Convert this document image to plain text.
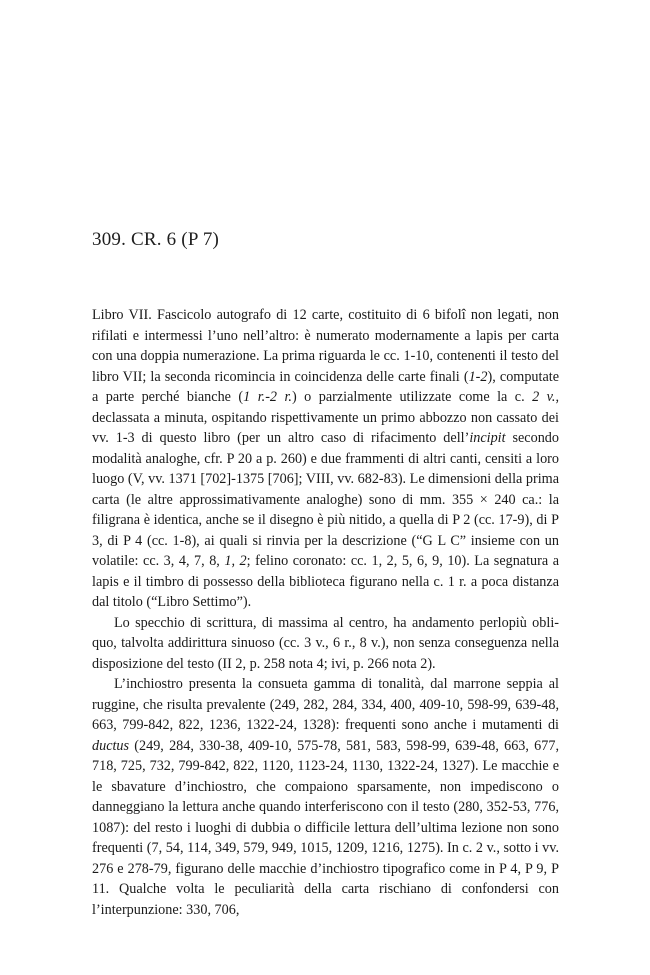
309. CR. 6 (P 7)

Libro VII. Fascicolo autografo di 12 carte, costituito di 6 bifolî non legati, non rifilati e intermessi l’uno nell’altro: è numerato modernamente a lapis per carta con una doppia numerazione. La prima riguarda le cc. 1-10, contenenti il testo del libro VII; la seconda ricomincia in coincidenza delle carte finali (1-2), computate a parte perché bianche (1 r.-2 r.) o parzialmente utilizzate come la c. 2 v., declassata a minuta, ospitando rispettivamente un primo abbozzo non cassato dei vv. 1-3 di questo libro (per un altro caso di rifacimento dell’incipit secondo modalità analoghe, cfr. P 20 a p. 260) e due frammenti di altri canti, censiti a loro luogo (V, vv. 1371 [702]-1375 [706]; VIII, vv. 682-83). Le dimensioni della prima carta (le altre approssimativamente analoghe) sono di mm. 355 × 240 ca.: la filigrana è identica, anche se il disegno è più nitido, a quella di P 2 (cc. 17-9), di P 3, di P 4 (cc. 1-8), ai quali si rinvia per la descrizione (“G L C” insieme con un volatile: cc. 3, 4, 7, 8, 1, 2; felino coronato: cc. 1, 2, 5, 6, 9, 10). La segnatura a lapis e il timbro di possesso della biblioteca figurano nella c. 1 r. a poca distanza dal titolo (“Libro Settimo”).

Lo specchio di scrittura, di massima al centro, ha andamento perlopiù obliquo, talvolta addirittura sinuoso (cc. 3 v., 6 r., 8 v.), non senza conseguenza nella disposizione del testo (II 2, p. 258 nota 4; ivi, p. 266 nota 2).

L’inchiostro presenta la consueta gamma di tonalità, dal marrone seppia al ruggine, che risulta prevalente (249, 282, 284, 334, 400, 409-10, 598-99, 639-48, 663, 799-842, 822, 1236, 1322-24, 1328): frequenti sono anche i mutamenti di ductus (249, 284, 330-38, 409-10, 575-78, 581, 583, 598-99, 639-48, 663, 677, 718, 725, 732, 799-842, 822, 1120, 1123-24, 1130, 1322-24, 1327). Le macchie e le sbavature d’inchiostro, che compaiono sparsamente, non impediscono o danneggiano la lettura anche quando interferiscono con il testo (280, 352-53, 776, 1087): del resto i luoghi di dubbia o difficile lettura dell’ultima lezione non sono frequenti (7, 54, 114, 349, 579, 949, 1015, 1209, 1216, 1275). In c. 2 v., sotto i vv. 276 e 278-79, figurano delle macchie d’inchiostro tipografico come in P 4, P 9, P 11. Qualche volta le peculiarità della carta rischiano di confondersi con l’interpunzione: 330, 706,
